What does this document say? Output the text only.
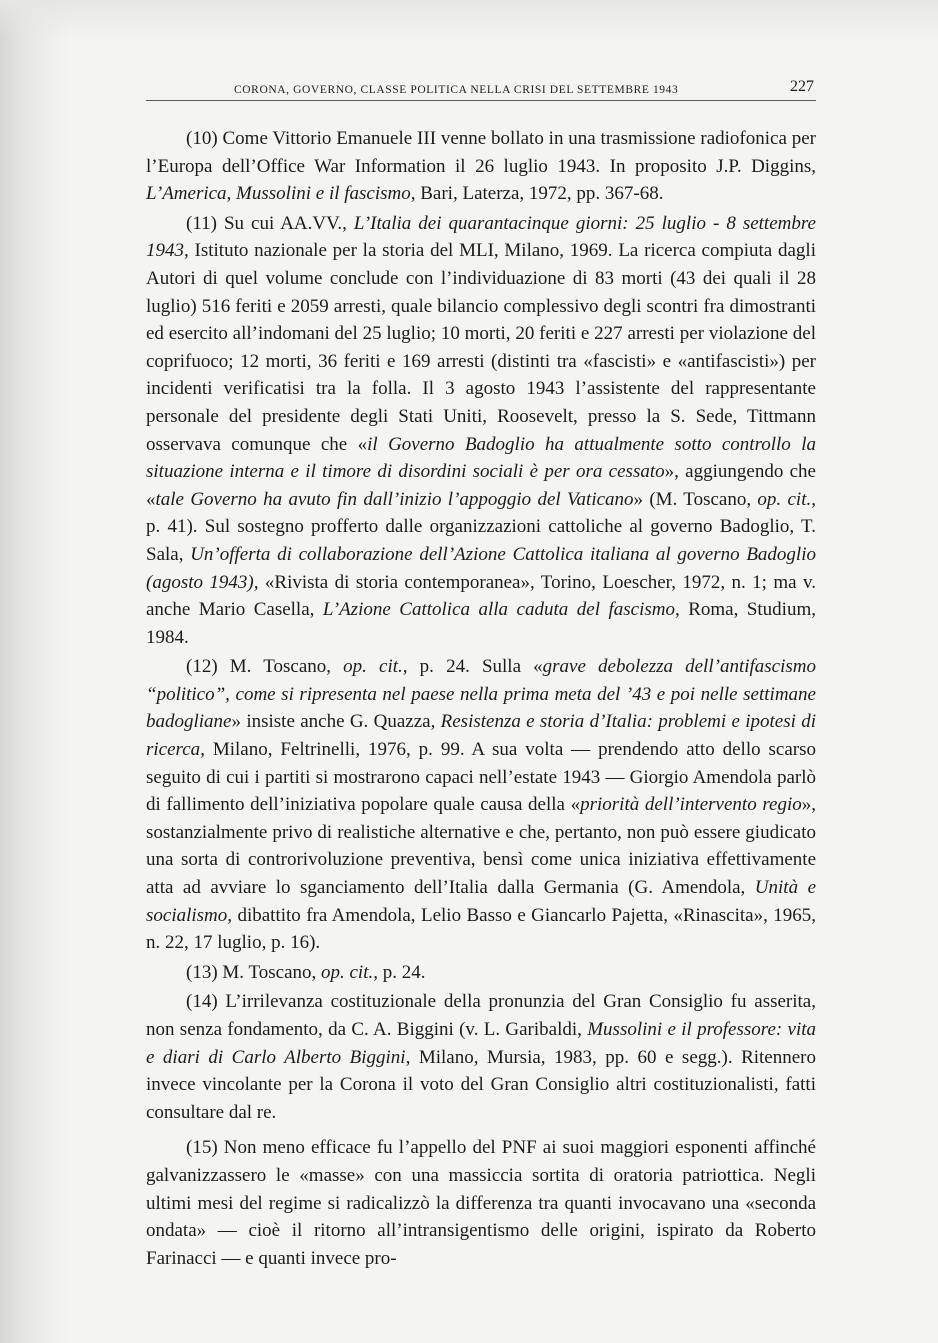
CORONA, GOVERNO, CLASSE POLITICA NELLA CRISI DEL SETTEMBRE 1943	227

(10) Come Vittorio Emanuele III venne bollato in una trasmissione radiofonica per l’Europa dell’Office War Information il 26 luglio 1943. In proposito J.P. Diggins, L’America, Mussolini e il fascismo, Bari, Laterza, 1972, pp. 367-68.

(11) Su cui AA.VV., L’Italia dei quarantacinque giorni: 25 luglio - 8 settembre 1943, Istituto nazionale per la storia del MLI, Milano, 1969. La ricerca compiuta dagli Autori di quel volume conclude con l’individuazione di 83 morti (43 dei quali il 28 luglio) 516 feriti e 2059 arresti, quale bilancio complessivo degli scontri fra dimostranti ed esercito all’indomani del 25 luglio; 10 morti, 20 feriti e 227 arresti per violazione del coprifuoco; 12 morti, 36 feriti e 169 arresti (distinti tra «fascisti» e «antifascisti») per incidenti verificatisi tra la folla. Il 3 agosto 1943 l’assistente del rappresentante personale del presidente degli Stati Uniti, Roosevelt, presso la S. Sede, Tittmann osservava comunque che «il Governo Badoglio ha attualmente sotto controllo la situazione interna e il timore di disordini sociali è per ora cessato», aggiungendo che «tale Governo ha avuto fin dall’inizio l’appoggio del Vaticano» (M. Toscano, op. cit., p. 41). Sul sostegno profferto dalle organizzazioni cattoliche al governo Badoglio, T. Sala, Un’offerta di collaborazione dell’Azione Cattolica italiana al governo Badoglio (agosto 1943), «Rivista di storia contemporanea», Torino, Loescher, 1972, n. 1; ma v. anche Mario Casella, L’Azione Cattolica alla caduta del fascismo, Roma, Studium, 1984.

(12) M. Toscano, op. cit., p. 24. Sulla «grave debolezza dell’antifascismo “politico”, come si ripresenta nel paese nella prima meta del ’43 e poi nelle settimane badogliane» insiste anche G. Quazza, Resistenza e storia d’Italia: problemi e ipotesi di ricerca, Milano, Feltrinelli, 1976, p. 99. A sua volta — prendendo atto dello scarso seguito di cui i partiti si mostrarono capaci nell’estate 1943 — Giorgio Amendola parlò di fallimento dell’iniziativa popolare quale causa della «priorità dell’intervento regio», sostanzialmente privo di realistiche alternative e che, pertanto, non può essere giudicato una sorta di controrivoluzione preventiva, bensì come unica iniziativa effettivamente atta ad avviare lo sganciamento dell’Italia dalla Germania (G. Amendola, Unità e socialismo, dibattito fra Amendola, Lelio Basso e Giancarlo Pajetta, «Rinascita», 1965, n. 22, 17 luglio, p. 16).

(13) M. Toscano, op. cit., p. 24.

(14) L’irrilevanza costituzionale della pronunzia del Gran Consiglio fu asserita, non senza fondamento, da C. A. Biggini (v. L. Garibaldi, Mussolini e il professore: vita e diari di Carlo Alberto Biggini, Milano, Mursia, 1983, pp. 60 e segg.). Ritennero invece vincolante per la Corona il voto del Gran Consiglio altri costituzionalisti, fatti consultare dal re.

(15) Non meno efficace fu l’appello del PNF ai suoi maggiori esponenti affinché galvanizzassero le «masse» con una massiccia sortita di oratoria patriottica. Negli ultimi mesi del regime si radicalizzò la differenza tra quanti invocavano una «seconda ondata» — cioè il ritorno all’intransigentismo delle origini, ispirato da Roberto Farinacci — e quanti invece pro-
